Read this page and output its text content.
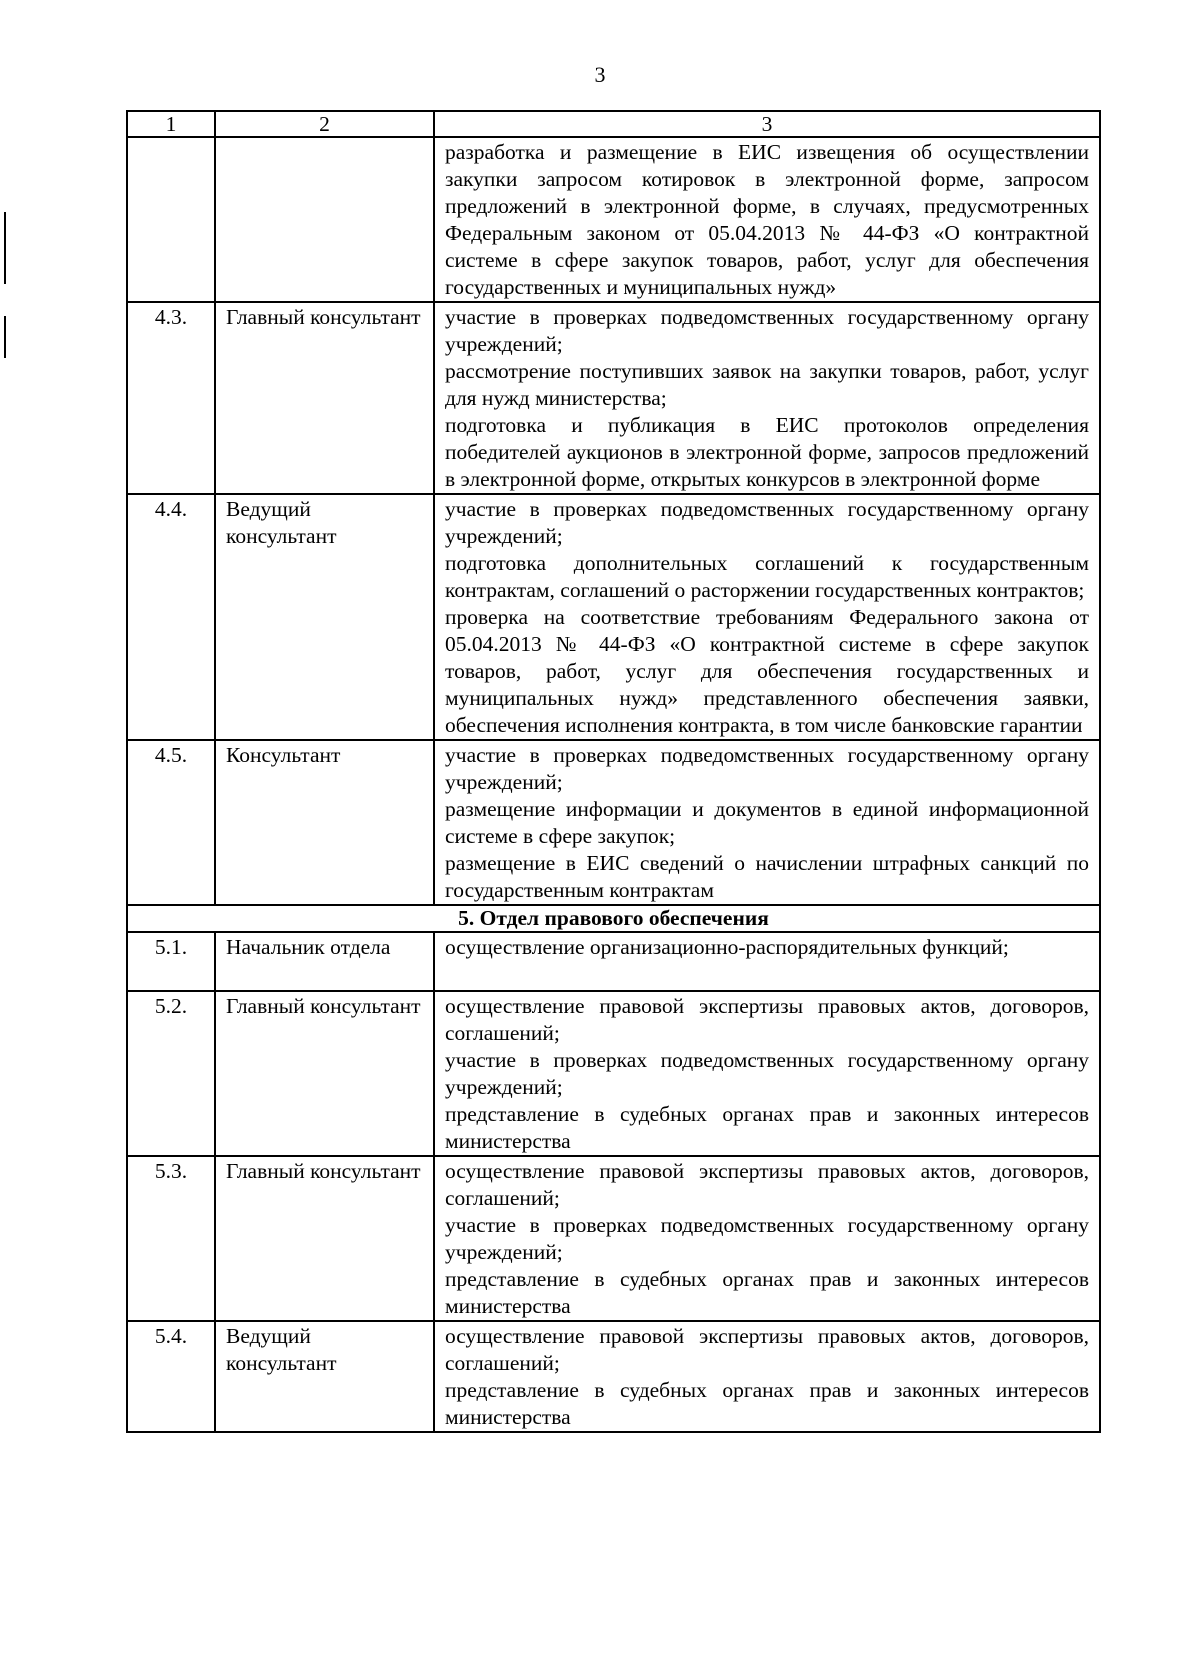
3
1	2	3

		разработка и размещение в ЕИС извещения об осуществлении закупки запросом котировок в электронной форме, запросом предложений в электронной форме, в случаях, предусмотренных Федеральным законом от 05.04.2013 № 44-ФЗ «О контрактной системе в сфере закупок товаров, работ, услуг для обеспечения государственных и муниципальных нужд»

4.3.	Главный консультант	участие в проверках подведомственных государственному органу учреждений;
рассмотрение поступивших заявок на закупки товаров, работ, услуг для нужд министерства;
подготовка и публикация в ЕИС протоколов определения победителей аукционов в электронной форме, запросов предложений в электронной форме, открытых конкурсов в электронной форме

4.4.	Ведущий консультант	участие в проверках подведомственных государственному органу учреждений;
подготовка дополнительных соглашений к государственным контрактам, соглашений о расторжении государственных контрактов;
проверка на соответствие требованиям Федерального закона от 05.04.2013 № 44-ФЗ «О контрактной системе в сфере закупок товаров, работ, услуг для обеспечения государственных и муниципальных нужд» представленного обеспечения заявки, обеспечения исполнения контракта, в том числе банковские гарантии

4.5.	Консультант	участие в проверках подведомственных государственному органу учреждений;
размещение информации и документов в единой информационной системе в сфере закупок;
размещение в ЕИС сведений о начислении штрафных санкций по государственным контрактам

5. Отдел правового обеспечения		
5.1.	Начальник отдела	осуществление организационно-распорядительных функций;

5.2.	Главный консультант	осуществление правовой экспертизы правовых актов, договоров, соглашений;
участие в проверках подведомственных государственному органу учреждений;
представление в судебных органах прав и законных интересов министерства

5.3.	Главный консультант	осуществление правовой экспертизы правовых актов, договоров, соглашений;
участие в проверках подведомственных государственному органу учреждений;
представление в судебных органах прав и законных интересов министерства

5.4.	Ведущий консультант	осуществление правовой экспертизы правовых актов, договоров, соглашений;
представление в судебных органах прав и законных интересов министерства
